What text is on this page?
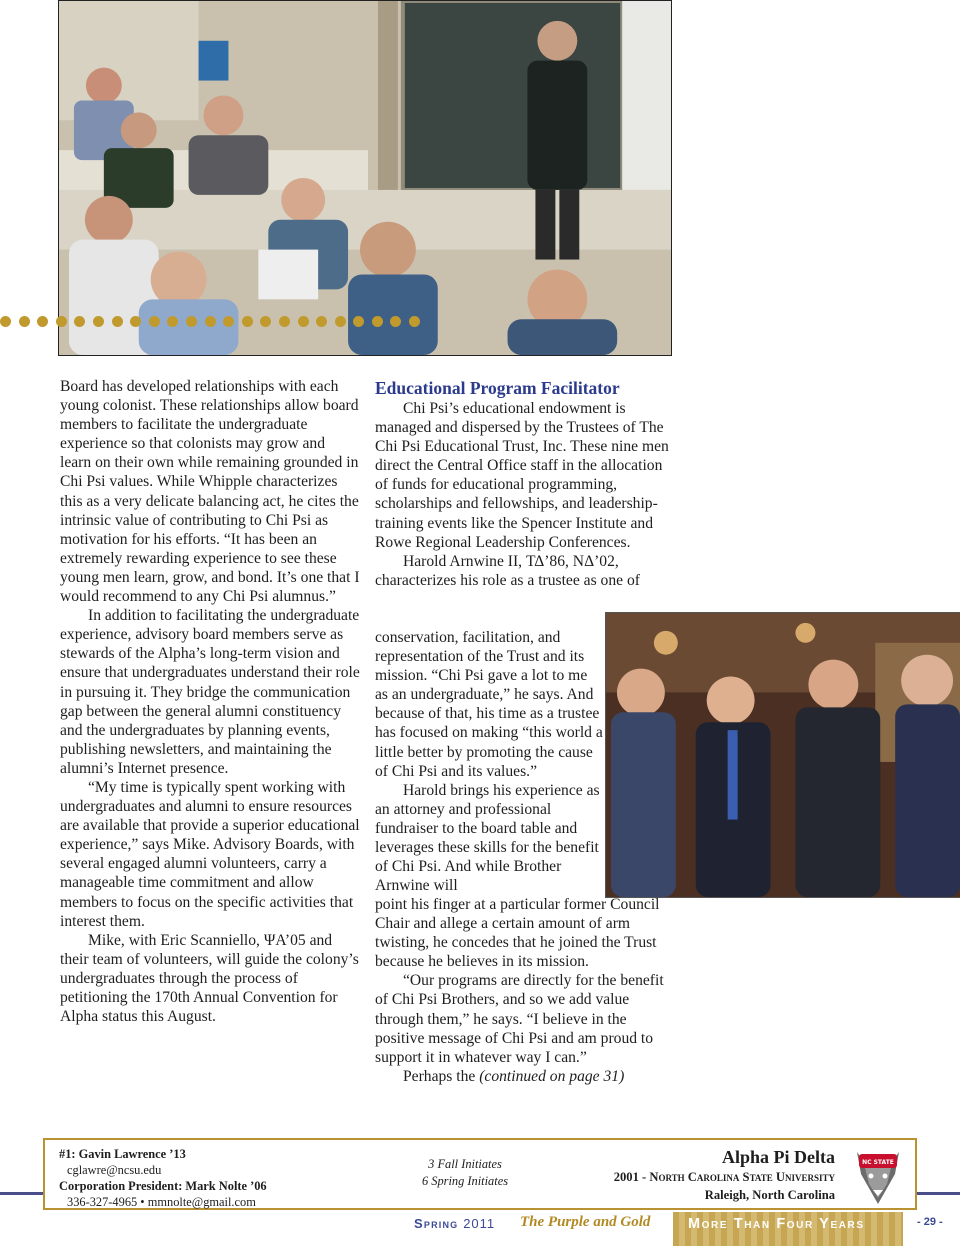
Board has developed relationships with each young colonist. These relationships allow board members to facilitate the undergraduate experience so that colonists may grow and learn on their own while remaining grounded in Chi Psi values. While Whipple characterizes this as a very delicate balancing act, he cites the intrinsic value of contributing to Chi Psi as motivation for his efforts. “It has been an extremely rewarding experience to see these young men learn, grow, and bond. It’s one that I would recommend to any Chi Psi alumnus.”

In addition to facilitating the undergraduate experience, advisory board members serve as stewards of the Alpha’s long-term vision and ensure that undergraduates understand their role in pursuing it. They bridge the communication gap between the general alumni constituency and the undergraduates by planning events, publishing newsletters, and maintaining the alumni’s Internet presence.

“My time is typically spent working with undergraduates and alumni to ensure resources are available that provide a superior educational experience,” says Mike. Advisory Boards, with several engaged alumni volunteers, carry a manageable time commitment and allow members to focus on the specific activities that interest them.

Mike, with Eric Scanniello, ΨΑ’05 and their team of volunteers, will guide the colony’s undergraduates through the process of petitioning the 170th Annual Convention for Alpha status this August.

Educational Program Facilitator

Chi Psi’s educational endowment is managed and dispersed by the Trustees of The Chi Psi Educational Trust, Inc. These nine men direct the Central Office staff in the allocation of funds for educational programming, scholarships and fellowships, and leadership-training events like the Spencer Institute and Rowe Regional Leadership Conferences.

Harold Arnwine II, ΤΔ’86, ΝΔ’02, characterizes his role as a trustee as one of

conservation, facilitation, and representation of the Trust and its mission. “Chi Psi gave a lot to me as an undergraduate,” he says. And because of that, his time as a trustee has focused on making “this world a little better by promoting the cause of Chi Psi and its values.”

Harold brings his experience as an attorney and professional fundraiser to the board table and leverages these skills for the benefit of Chi Psi. And while Brother Arnwine will

point his finger at a particular former Council Chair and allege a certain amount of arm twisting, he concedes that he joined the Trust because he believes in its mission.

“Our programs are directly for the benefit of Chi Psi Brothers, and so we add value through them,” he says. “I believe in the positive message of Chi Psi and am proud to support it in whatever way I can.”

Perhaps the (continued on page 31)

#1: Gavin Lawrence ’13
cglawre@ncsu.edu
Corporation President: Mark Nolte ’06
336-327-4965 • mmnolte@gmail.com
3 Fall Initiates
6 Spring Initiates
Alpha Pi Delta
2001 - North Carolina State University
Raleigh, North Carolina
NC STATE
Spring 2011 The Purple and Gold	More Than Four Years	- 29 -
